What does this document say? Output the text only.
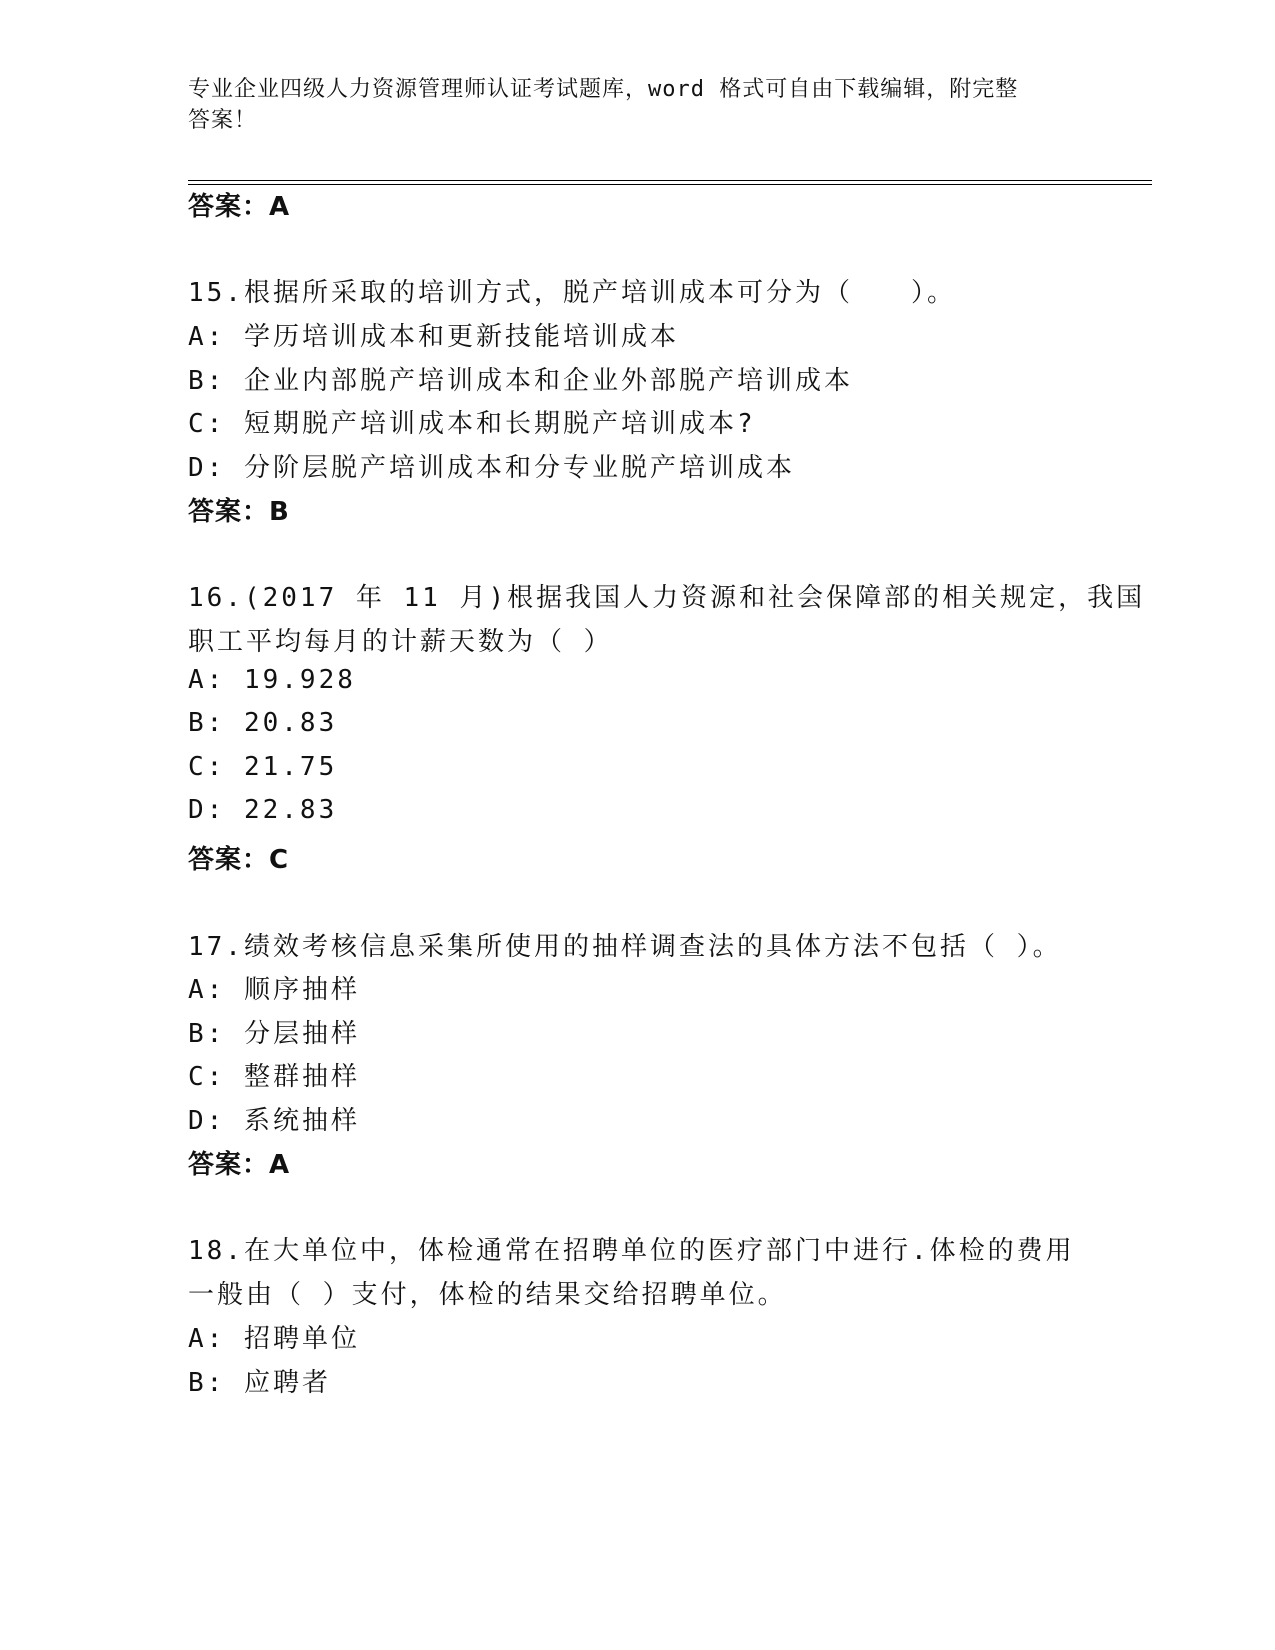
专业企业四级人力资源管理师认证考试题库，word 格式可自由下载编辑，附完整
答案！
答案：A
15.根据所采取的培训方式，脱产培训成本可分为（　　）。
A: 学历培训成本和更新技能培训成本
B: 企业内部脱产培训成本和企业外部脱产培训成本
C: 短期脱产培训成本和长期脱产培训成本?
D: 分阶层脱产培训成本和分专业脱产培训成本
答案：B
16.(2017 年 11 月)根据我国人力资源和社会保障部的相关规定，我国
职工平均每月的计薪天数为（ ）
A: 19.928
B: 20.83
C: 21.75
D: 22.83
答案：C
17.绩效考核信息采集所使用的抽样调查法的具体方法不包括（ ）。
A: 顺序抽样
B: 分层抽样
C: 整群抽样
D: 系统抽样
答案：A
18.在大单位中，体检通常在招聘单位的医疗部门中进行.体检的费用
一般由（ ）支付，体检的结果交给招聘单位。
A: 招聘单位
B: 应聘者
